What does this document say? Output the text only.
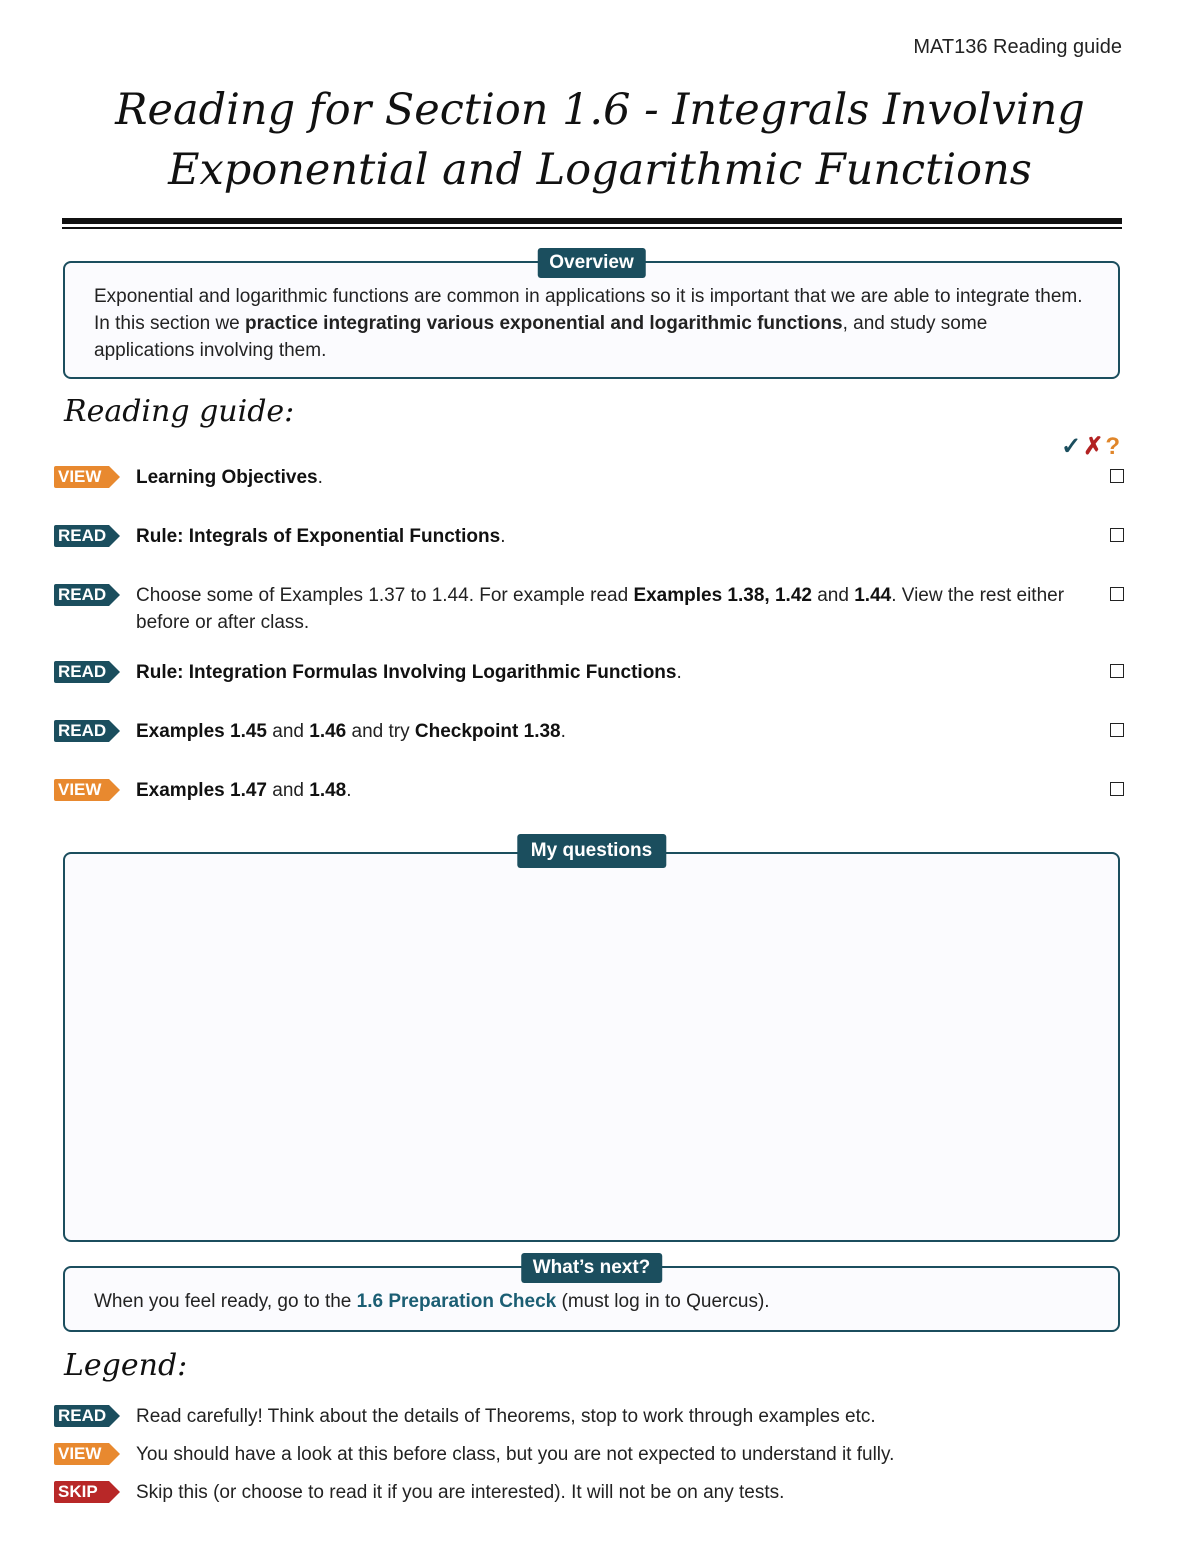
MAT136 Reading guide
Reading for Section 1.6 - Integrals Involving
Exponential and Logarithmic Functions
Overview
Exponential and logarithmic functions are common in applications so it is important that we are able to integrate them. In this section we practice integrating various exponential and logarithmic functions, and study some applications involving them.
Reading guide:
✓✗?
VIEW	Learning Objectives.
READ Rule: Integrals of Exponential Functions.
READ Choose some of Examples 1.37 to 1.44. For example read Examples 1.38, 1.42 and 1.44. View the rest either before or after class.
READ Rule: Integration Formulas Involving Logarithmic Functions.
READ Examples 1.45 and 1.46 and try Checkpoint 1.38.
VIEW	Examples 1.47 and 1.48.
My questions
What’s next?
When you feel ready, go to the 1.6 Preparation Check (must log in to Quercus).
Legend:
READ Read carefully! Think about the details of Theorems, stop to work through examples etc.
VIEW	You should have a look at this before class, but you are not expected to understand it fully.
SKIP	Skip this (or choose to read it if you are interested). It will not be on any tests.
